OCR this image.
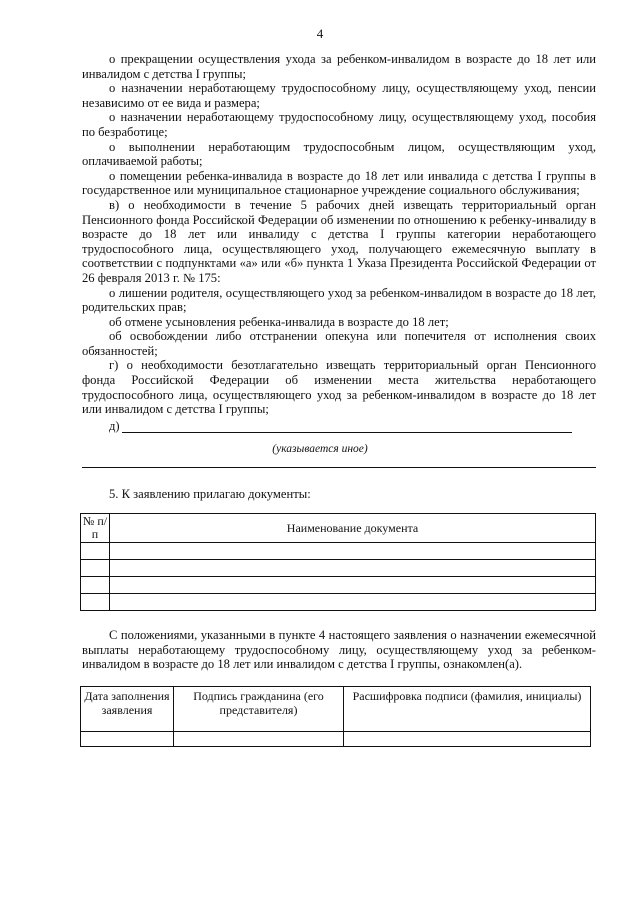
4

о прекращении осуществления ухода за ребенком-инвалидом в возрасте до 18 лет или инвалидом с детства I группы;

о назначении неработающему трудоспособному лицу, осуществляющему уход, пенсии независимо от ее вида и размера;

о назначении неработающему трудоспособному лицу, осуществляющему уход, пособия по безработице;

о выполнении неработающим трудоспособным лицом, осуществляющим уход, оплачиваемой работы;

о помещении ребенка-инвалида в возрасте до 18 лет или инвалида с детства I группы в государственное или муниципальное стационарное учреждение социального обслуживания;

в) о необходимости в течение 5 рабочих дней извещать территориальный орган Пенсионного фонда Российской Федерации об изменении по отношению к ребенку-инвалиду в возрасте до 18 лет или инвалиду с детства I группы категории неработающего трудоспособного лица, осуществляющего уход, получающего ежемесячную выплату в соответствии с подпунктами «а» или «б» пункта 1 Указа Президента Российской Федерации от 26 февраля 2013 г. № 175:

о лишении родителя, осуществляющего уход за ребенком-инвалидом в возрасте до 18 лет, родительских прав;

об отмене усыновления ребенка-инвалида в возрасте до 18 лет;

об освобождении либо отстранении опекуна или попечителя от исполнения своих обязанностей;

г) о необходимости безотлагательно извещать территориальный орган Пенсионного фонда Российской Федерации об изменении места жительства неработающего трудоспособного лица, осуществляющего уход за ребенком-инвалидом в возрасте до 18 лет или инвалидом с детства I группы;

д)
(указывается иное)
5. К заявлению прилагаю документы:
№ п/п	Наименование документа

С положениями, указанными в пункте 4 настоящего заявления о назначении ежемесячной выплаты неработающему трудоспособному лицу, осуществляющему уход за ребенком-инвалидом в возрасте до 18 лет или инвалидом с детства I группы, ознакомлен(а).

Дата заполнения заявления	Подпись гражданина (его представителя)	Расшифровка подписи (фамилия, инициалы)
